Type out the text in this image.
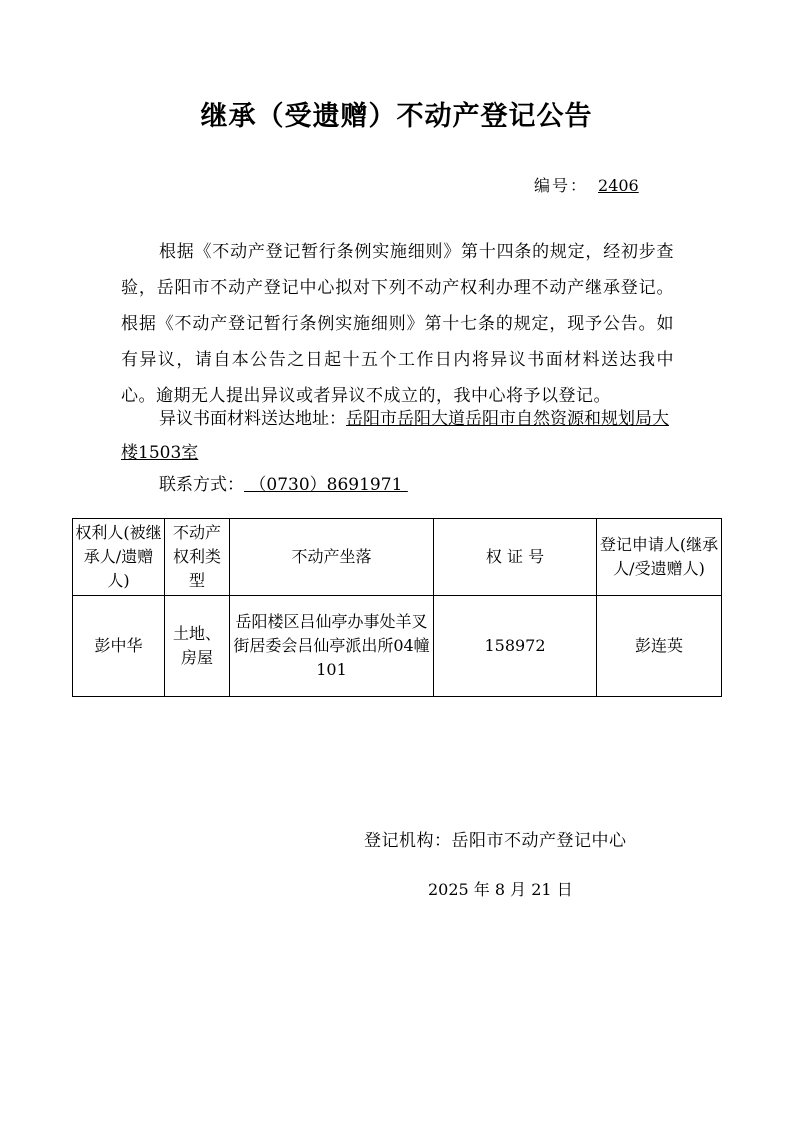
继承（受遗赠）不动产登记公告
编号： 2406
根据《不动产登记暂行条例实施细则》第十四条的规定，经初步查验，岳阳市不动产登记中心拟对下列不动产权利办理不动产继承登记。根据《不动产登记暂行条例实施细则》第十七条的规定，现予公告。如有异议，请自本公告之日起十五个工作日内将异议书面材料送达我中心。逾期无人提出异议或者异议不成立的，我中心将予以登记。
异议书面材料送达地址：岳阳市岳阳大道岳阳市自然资源和规划局大楼1503室
联系方式： （0730）8691971
权利人(被继承人/遗赠人)	不动产权利类型	不动产坐落	权 证 号	登记申请人(继承人/受遗赠人)
彭中华	土地、房屋	岳阳楼区吕仙亭办事处羊叉街居委会吕仙亭派出所04幢101	158972	彭连英
登记机构：岳阳市不动产登记中心
2025 年 8 月 21 日
